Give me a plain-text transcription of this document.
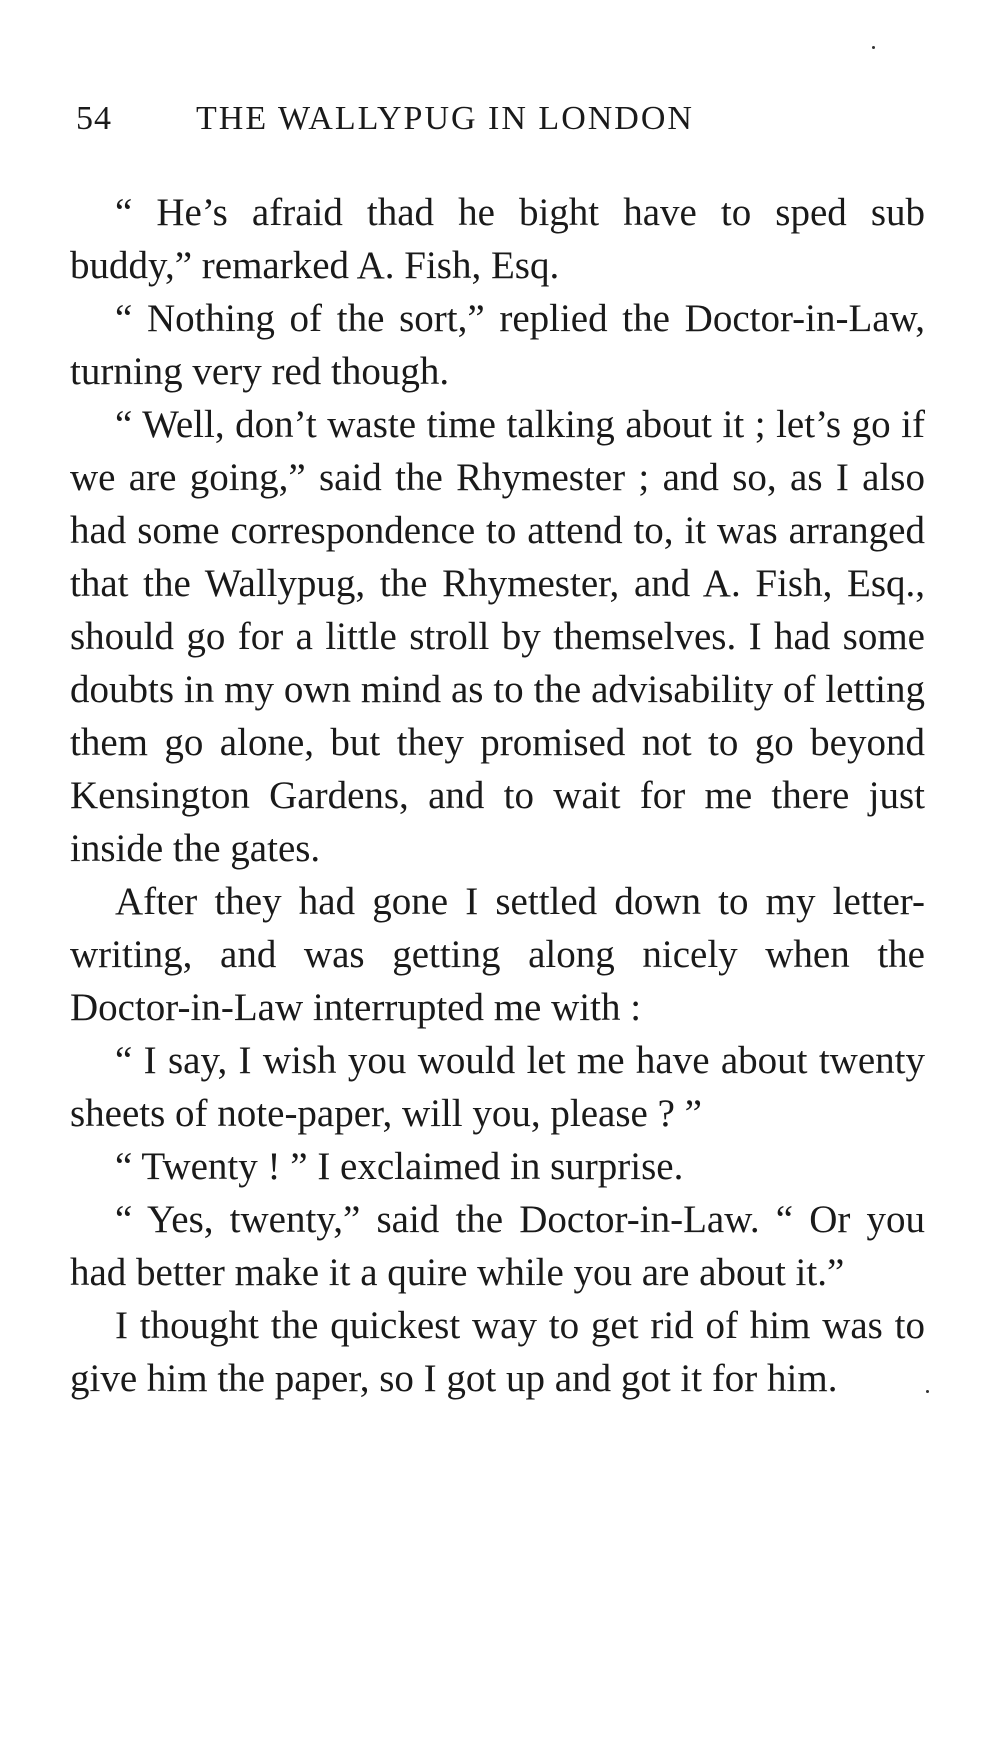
54 THE WALLYPUG IN LONDON

“ He’s afraid thad he bight have to sped sub buddy,” remarked A. Fish, Esq.

“ Nothing of the sort,” replied the Doctor-in-Law, turning very red though.

“ Well, don’t waste time talking about it ; let’s go if we are going,” said the Rhymester ; and so, as I also had some correspondence to attend to, it was arranged that the Wallypug, the Rhymester, and A. Fish, Esq., should go for a little stroll by themselves. I had some doubts in my own mind as to the advisability of letting them go alone, but they promised not to go beyond Kensington Gardens, and to wait for me there just inside the gates.

After they had gone I settled down to my letter-writing, and was getting along nicely when the Doctor-in-Law interrupted me with :

“ I say, I wish you would let me have about twenty sheets of note-paper, will you, please ? ”

“ Twenty ! ” I exclaimed in surprise.

“ Yes, twenty,” said the Doctor-in-Law. “ Or you had better make it a quire while you are about it.”

I thought the quickest way to get rid of him was to give him the paper, so I got up and got it for him.
